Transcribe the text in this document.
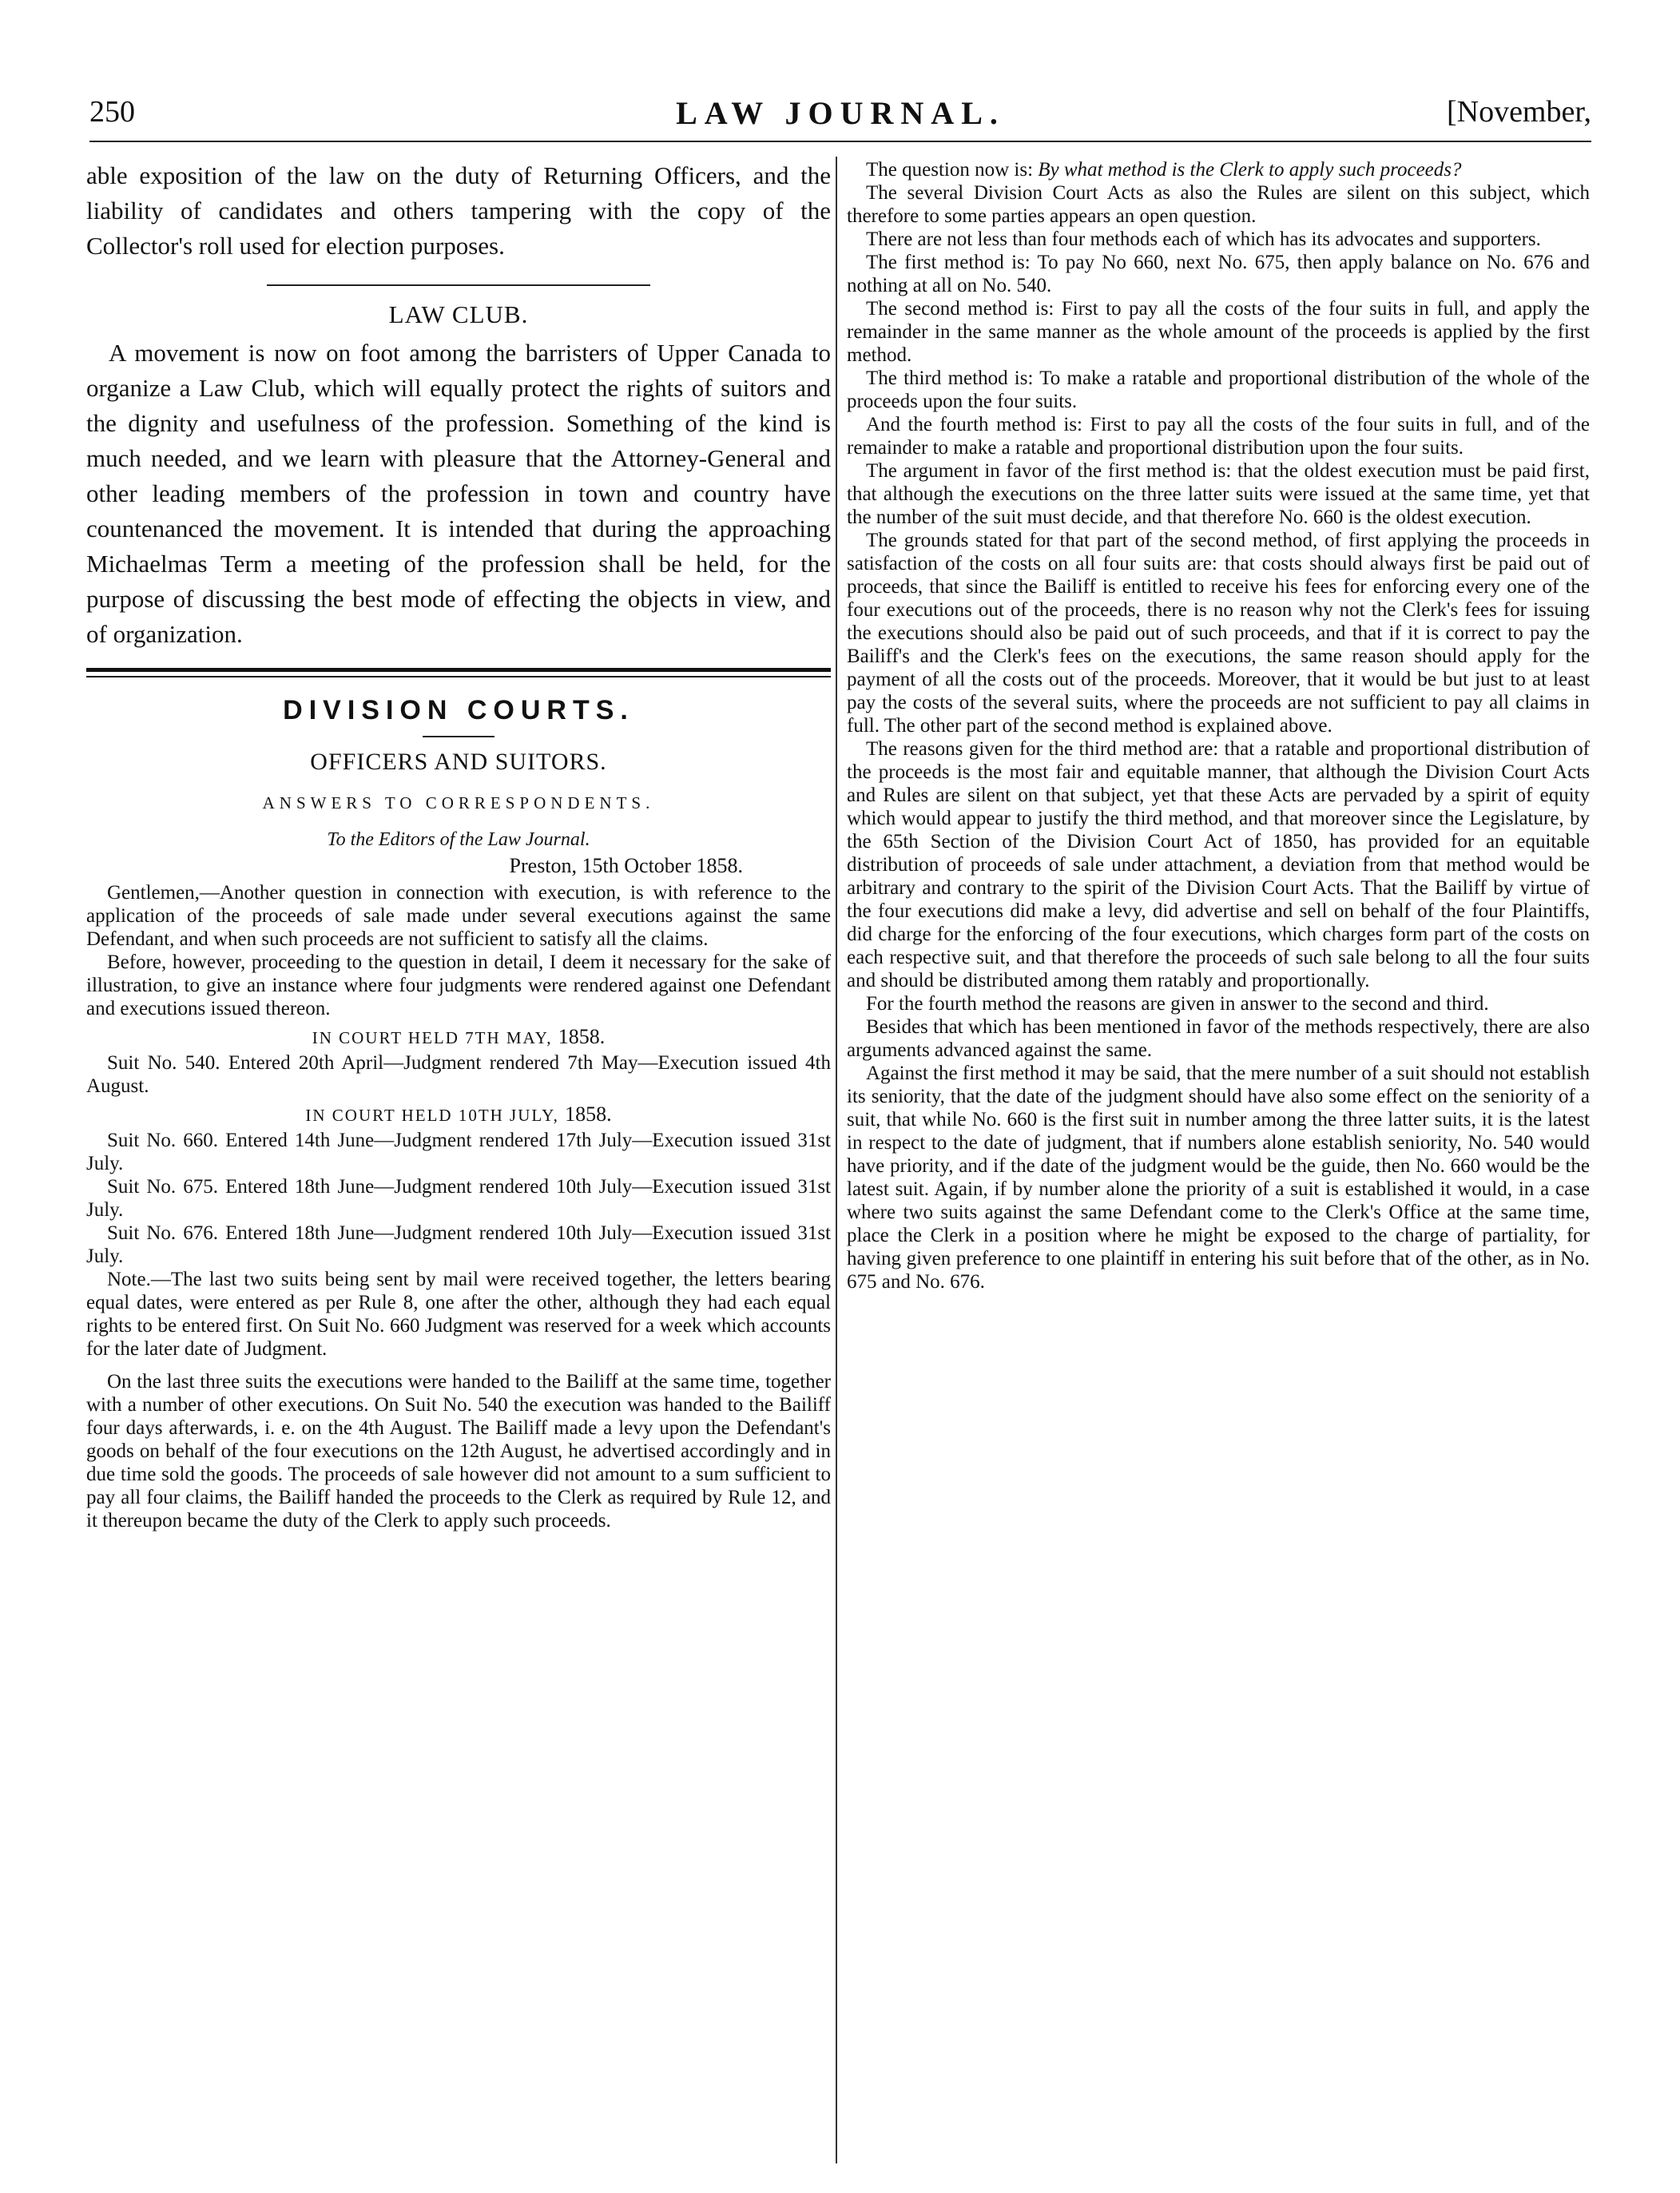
250	LAW JOURNAL.	[November,

able exposition of the law on the duty of Returning Officers, and the liability of candidates and others tampering with the copy of the Collector's roll used for election purposes.

LAW CLUB.

A movement is now on foot among the barristers of Upper Canada to organize a Law Club, which will equally protect the rights of suitors and the dignity and usefulness of the profession. Something of the kind is much needed, and we learn with pleasure that the Attorney-General and other leading members of the profession in town and country have countenanced the movement. It is intended that during the approaching Michaelmas Term a meeting of the profession shall be held, for the purpose of discussing the best mode of effecting the objects in view, and of organization.

DIVISION COURTS.
OFFICERS AND SUITORS.
ANSWERS TO CORRESPONDENTS.
To the Editors of the Law Journal.
Preston, 15th October 1858.

Gentlemen,—Another question in connection with execution, is with reference to the application of the proceeds of sale made under several executions against the same Defendant, and when such proceeds are not sufficient to satisfy all the claims.

Before, however, proceeding to the question in detail, I deem it necessary for the sake of illustration, to give an instance where four judgments were rendered against one Defendant and executions issued thereon.

IN COURT HELD 7TH MAY, 1858.

Suit No. 540. Entered 20th April—Judgment rendered 7th May—Execution issued 4th August.

IN COURT HELD 10TH JULY, 1858.

Suit No. 660. Entered 14th June—Judgment rendered 17th July—Execution issued 31st July.

Suit No. 675. Entered 18th June—Judgment rendered 10th July—Execution issued 31st July.

Suit No. 676. Entered 18th June—Judgment rendered 10th July—Execution issued 31st July.

Note.—The last two suits being sent by mail were received together, the letters bearing equal dates, were entered as per Rule 8, one after the other, although they had each equal rights to be entered first. On Suit No. 660 Judgment was reserved for a week which accounts for the later date of Judgment.

On the last three suits the executions were handed to the Bailiff at the same time, together with a number of other executions. On Suit No. 540 the execution was handed to the Bailiff four days afterwards, i. e. on the 4th August. The Bailiff made a levy upon the Defendant's goods on behalf of the four executions on the 12th August, he advertised accordingly and in due time sold the goods. The proceeds of sale however did not amount to a sum sufficient to pay all four claims, the Bailiff handed the proceeds to the Clerk as required by Rule 12, and it thereupon became the duty of the Clerk to apply such proceeds.

The question now is: By what method is the Clerk to apply such proceeds?

The several Division Court Acts as also the Rules are silent on this subject, which therefore to some parties appears an open question.

There are not less than four methods each of which has its advocates and supporters.

The first method is: To pay No 660, next No. 675, then apply balance on No. 676 and nothing at all on No. 540.

The second method is: First to pay all the costs of the four suits in full, and apply the remainder in the same manner as the whole amount of the proceeds is applied by the first method.

The third method is: To make a ratable and proportional distribution of the whole of the proceeds upon the four suits.

And the fourth method is: First to pay all the costs of the four suits in full, and of the remainder to make a ratable and proportional distribution upon the four suits.

The argument in favor of the first method is: that the oldest execution must be paid first, that although the executions on the three latter suits were issued at the same time, yet that the number of the suit must decide, and that therefore No. 660 is the oldest execution.

The grounds stated for that part of the second method, of first applying the proceeds in satisfaction of the costs on all four suits are: that costs should always first be paid out of proceeds, that since the Bailiff is entitled to receive his fees for enforcing every one of the four executions out of the proceeds, there is no reason why not the Clerk's fees for issuing the executions should also be paid out of such proceeds, and that if it is correct to pay the Bailiff's and the Clerk's fees on the executions, the same reason should apply for the payment of all the costs out of the proceeds. Moreover, that it would be but just to at least pay the costs of the several suits, where the proceeds are not sufficient to pay all claims in full. The other part of the second method is explained above.

The reasons given for the third method are: that a ratable and proportional distribution of the proceeds is the most fair and equitable manner, that although the Division Court Acts and Rules are silent on that subject, yet that these Acts are pervaded by a spirit of equity which would appear to justify the third method, and that moreover since the Legislature, by the 65th Section of the Division Court Act of 1850, has provided for an equitable distribution of proceeds of sale under attachment, a deviation from that method would be arbitrary and contrary to the spirit of the Division Court Acts. That the Bailiff by virtue of the four executions did make a levy, did advertise and sell on behalf of the four Plaintiffs, did charge for the enforcing of the four executions, which charges form part of the costs on each respective suit, and that therefore the proceeds of such sale belong to all the four suits and should be distributed among them ratably and proportionally.

For the fourth method the reasons are given in answer to the second and third.

Besides that which has been mentioned in favor of the methods respectively, there are also arguments advanced against the same.

Against the first method it may be said, that the mere number of a suit should not establish its seniority, that the date of the judgment should have also some effect on the seniority of a suit, that while No. 660 is the first suit in number among the three latter suits, it is the latest in respect to the date of judgment, that if numbers alone establish seniority, No. 540 would have priority, and if the date of the judgment would be the guide, then No. 660 would be the latest suit. Again, if by number alone the priority of a suit is established it would, in a case where two suits against the same Defendant come to the Clerk's Office at the same time, place the Clerk in a position where he might be exposed to the charge of partiality, for having given preference to one plaintiff in entering his suit before that of the other, as in No. 675 and No. 676.
